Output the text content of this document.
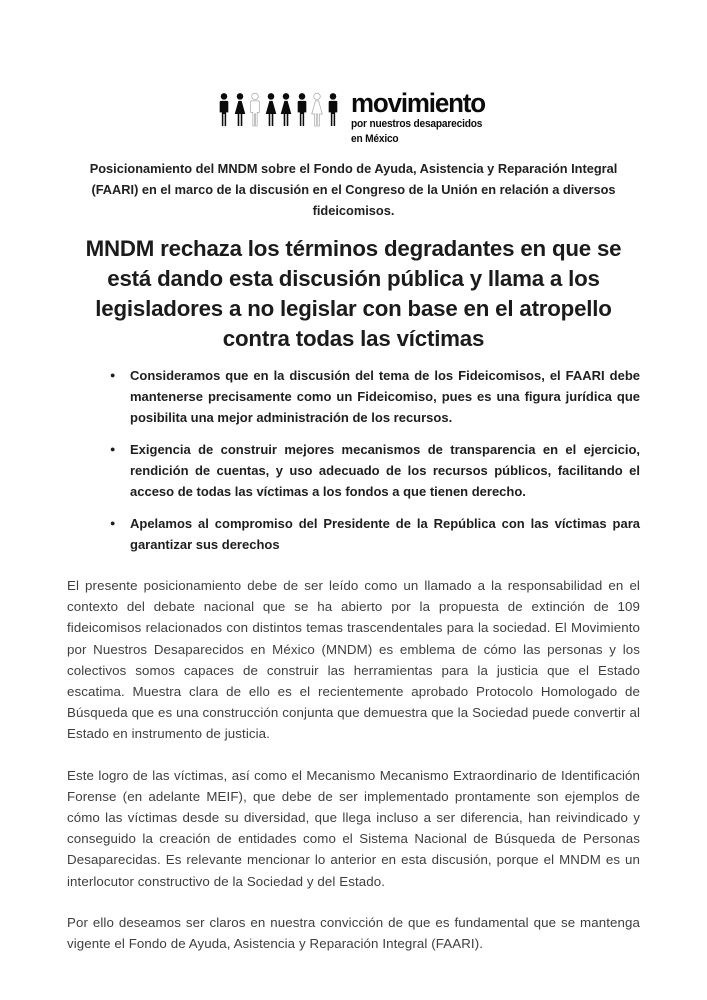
movimiento
por nuestros desaparecidos
en México

Posicionamiento del MNDM sobre el Fondo de Ayuda, Asistencia y Reparación Integral (FAARI) en el marco de la discusión en el Congreso de la Unión en relación a diversos fideicomisos.

MNDM rechaza los términos degradantes en que se está dando esta discusión pública y llama a los legisladores a no legislar con base en el atropello contra todas las víctimas
● Consideramos que en la discusión del tema de los Fideicomisos, el FAARI debe mantenerse precisamente como un Fideicomiso, pues es una figura jurídica que posibilita una mejor administración de los recursos.
● Exigencia de construir mejores mecanismos de transparencia en el ejercicio, rendición de cuentas, y uso adecuado de los recursos públicos, facilitando el acceso de todas las víctimas a los fondos a que tienen derecho.
● Apelamos al compromiso del Presidente de la República con las víctimas para garantizar sus derechos

El presente posicionamiento debe de ser leído como un llamado a la responsabilidad en el contexto del debate nacional que se ha abierto por la propuesta de extinción de 109 fideicomisos relacionados con distintos temas trascendentales para la sociedad. El Movimiento por Nuestros Desaparecidos en México (MNDM) es emblema de cómo las personas y los colectivos somos capaces de construir las herramientas para la justicia que el Estado escatima. Muestra clara de ello es el recientemente aprobado Protocolo Homologado de Búsqueda que es una construcción conjunta que demuestra que la Sociedad puede convertir al Estado en instrumento de justicia.

Este logro de las víctimas, así como el Mecanismo Mecanismo Extraordinario de Identificación Forense (en adelante MEIF), que debe de ser implementado prontamente son ejemplos de cómo las víctimas desde su diversidad, que llega incluso a ser diferencia, han reivindicado y conseguido la creación de entidades como el Sistema Nacional de Búsqueda de Personas Desaparecidas. Es relevante mencionar lo anterior en esta discusión, porque el MNDM es un interlocutor constructivo de la Sociedad y del Estado.

Por ello deseamos ser claros en nuestra convicción de que es fundamental que se mantenga vigente el Fondo de Ayuda, Asistencia y Reparación Integral (FAARI).
